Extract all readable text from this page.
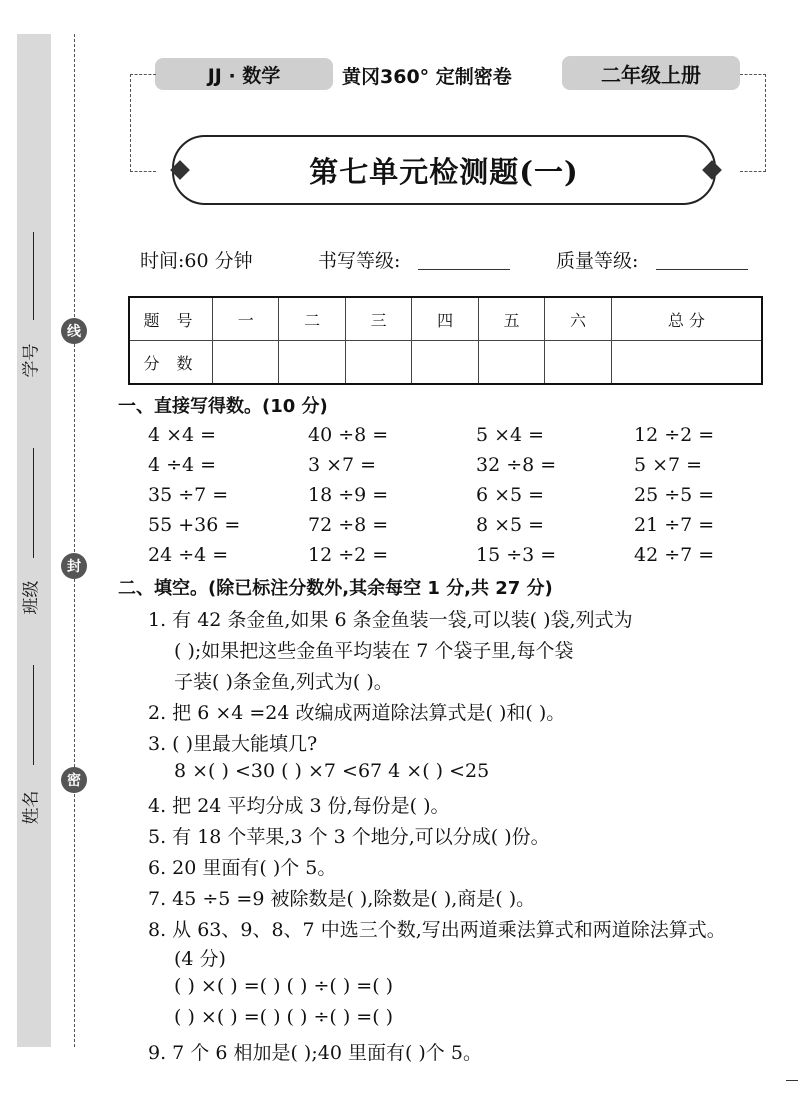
学号
班级
姓名
线
封
密
JJ · 数学	黄冈360° 定制密卷	二年级上册
第七单元检测题(一)
时间:60 分钟	书写等级:	质量等级:
题 号	一	二	三	四	五	六	总 分
分 数							
一、直接写得数。(10 分)
4 ×4 =	40 ÷8 =	5 ×4 =	12 ÷2 =
4 ÷4 =	3 ×7 =	32 ÷8 =	5 ×7 =
35 ÷7 =	18 ÷9 =	6 ×5 =	25 ÷5 =
55 +36 =	72 ÷8 =	8 ×5 =	21 ÷7 =
24 ÷4 =	12 ÷2 =	15 ÷3 =	42 ÷7 =
二、填空。(除已标注分数外,其余每空 1 分,共 27 分)
1. 有 42 条金鱼,如果 6 条金鱼装一袋,可以装( )袋,列式为
( );如果把这些金鱼平均装在 7 个袋子里,每个袋
子装( )条金鱼,列式为( )。
2. 把 6 ×4 =24 改编成两道除法算式是( )和( )。
3. ( )里最大能填几?
8 ×( ) <30 ( ) ×7 <67 4 ×( ) <25
4. 把 24 平均分成 3 份,每份是( )。
5. 有 18 个苹果,3 个 3 个地分,可以分成( )份。
6. 20 里面有( )个 5。
7. 45 ÷5 =9 被除数是( ),除数是( ),商是( )。
8. 从 63、9、8、7 中选三个数,写出两道乘法算式和两道除法算式。
(4 分)
( ) ×( ) =( ) ( ) ÷( ) =( )
( ) ×( ) =( ) ( ) ÷( ) =( )
9. 7 个 6 相加是( );40 里面有( )个 5。
